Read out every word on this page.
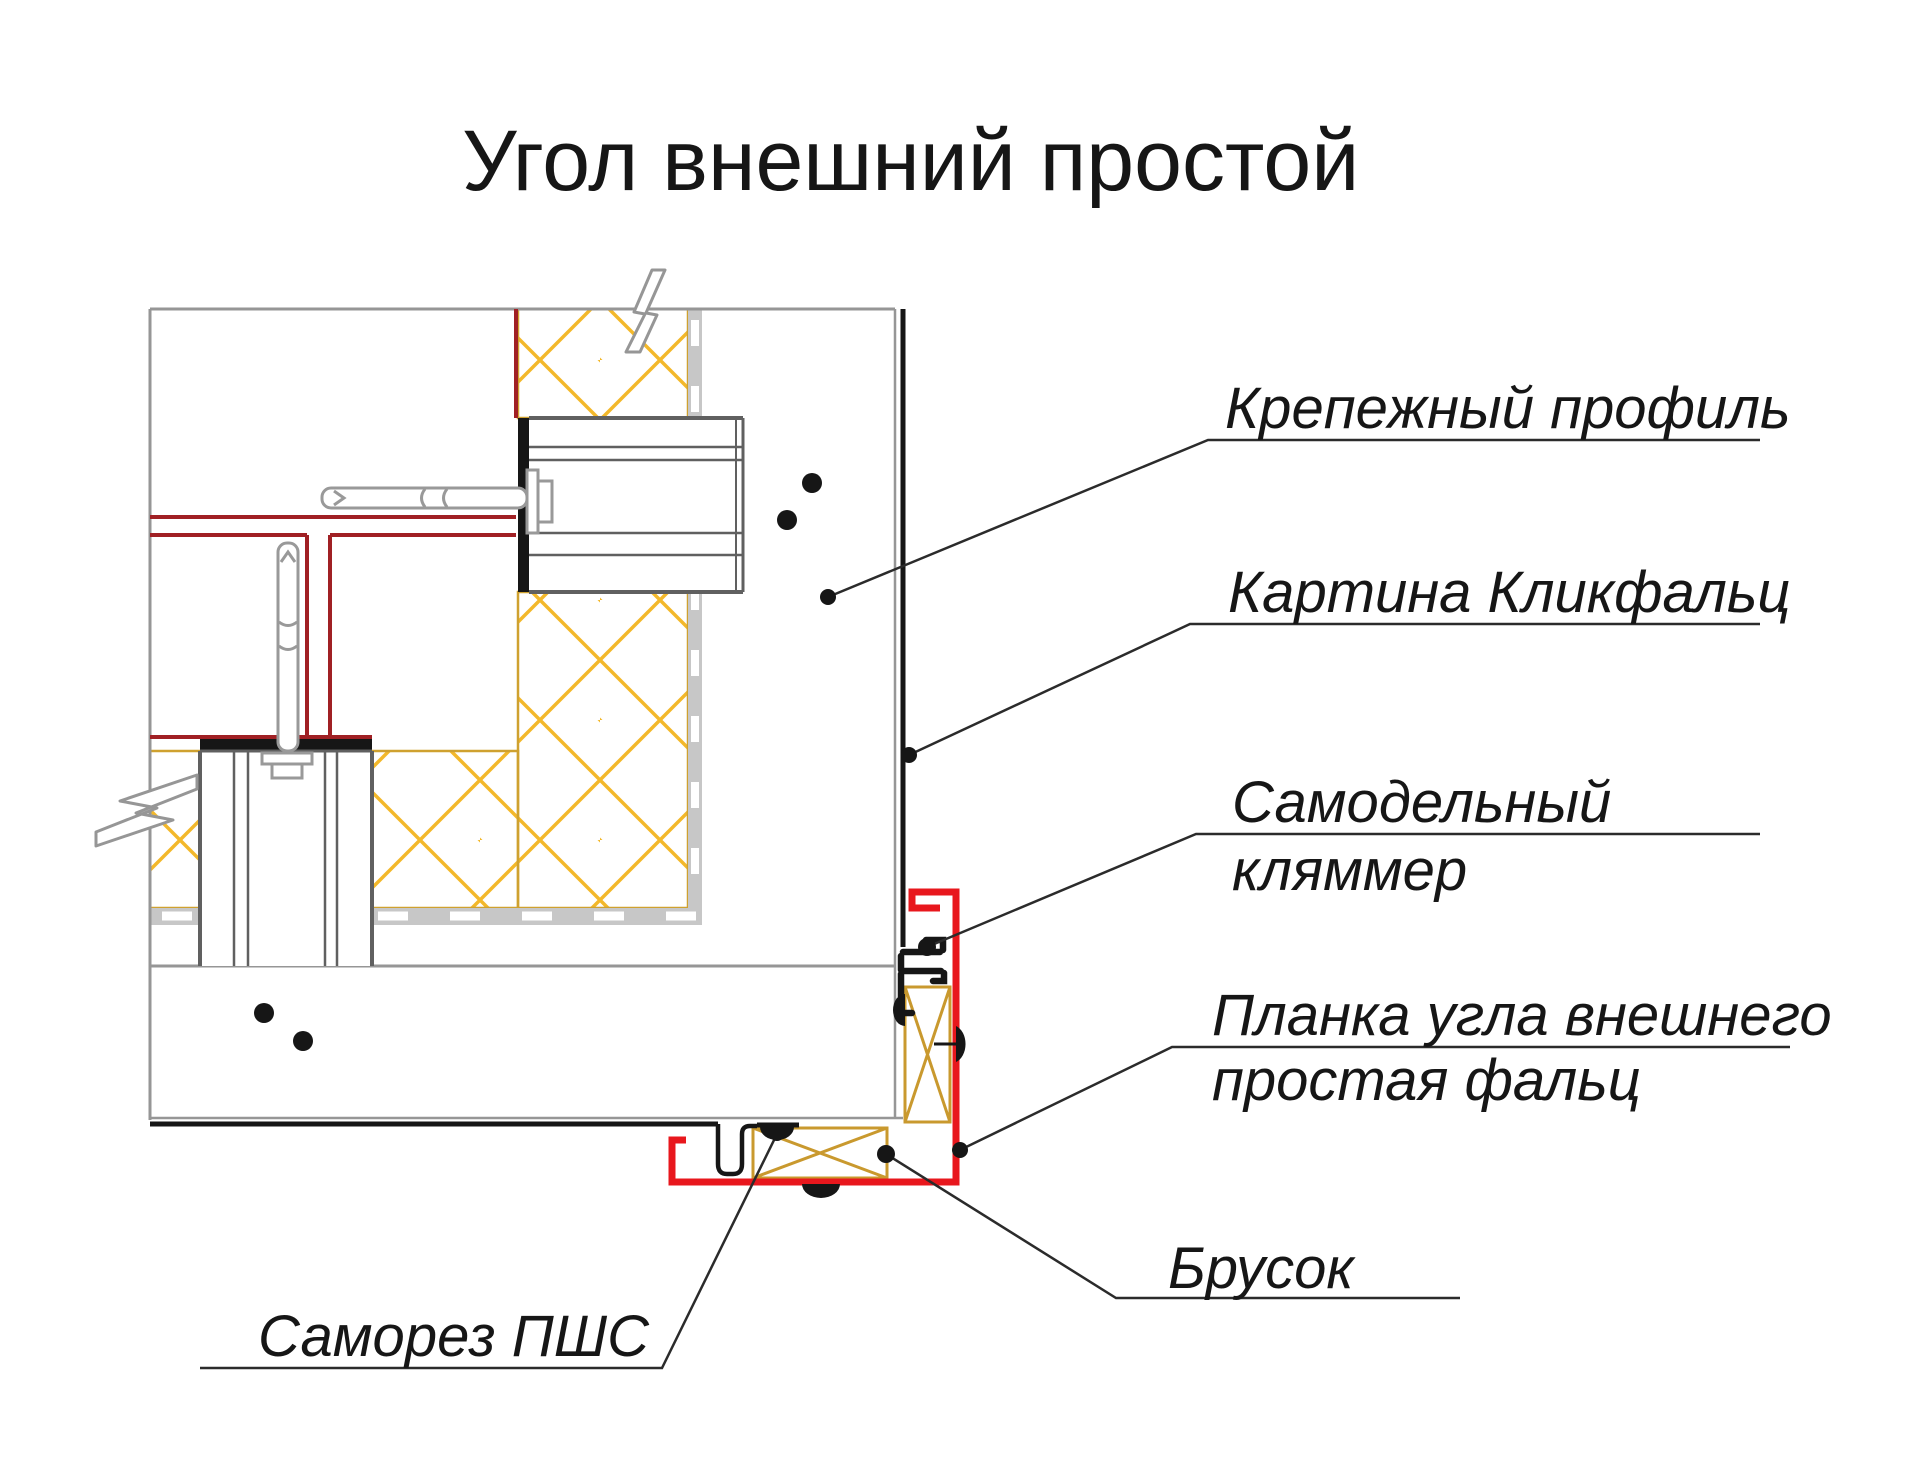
Угол внешний простой
Крепежный профиль
Картина Кликфальц
Самодельный
кляммер
Планка угла внешнего
простая фальц
Брусок
Саморез ПШС
